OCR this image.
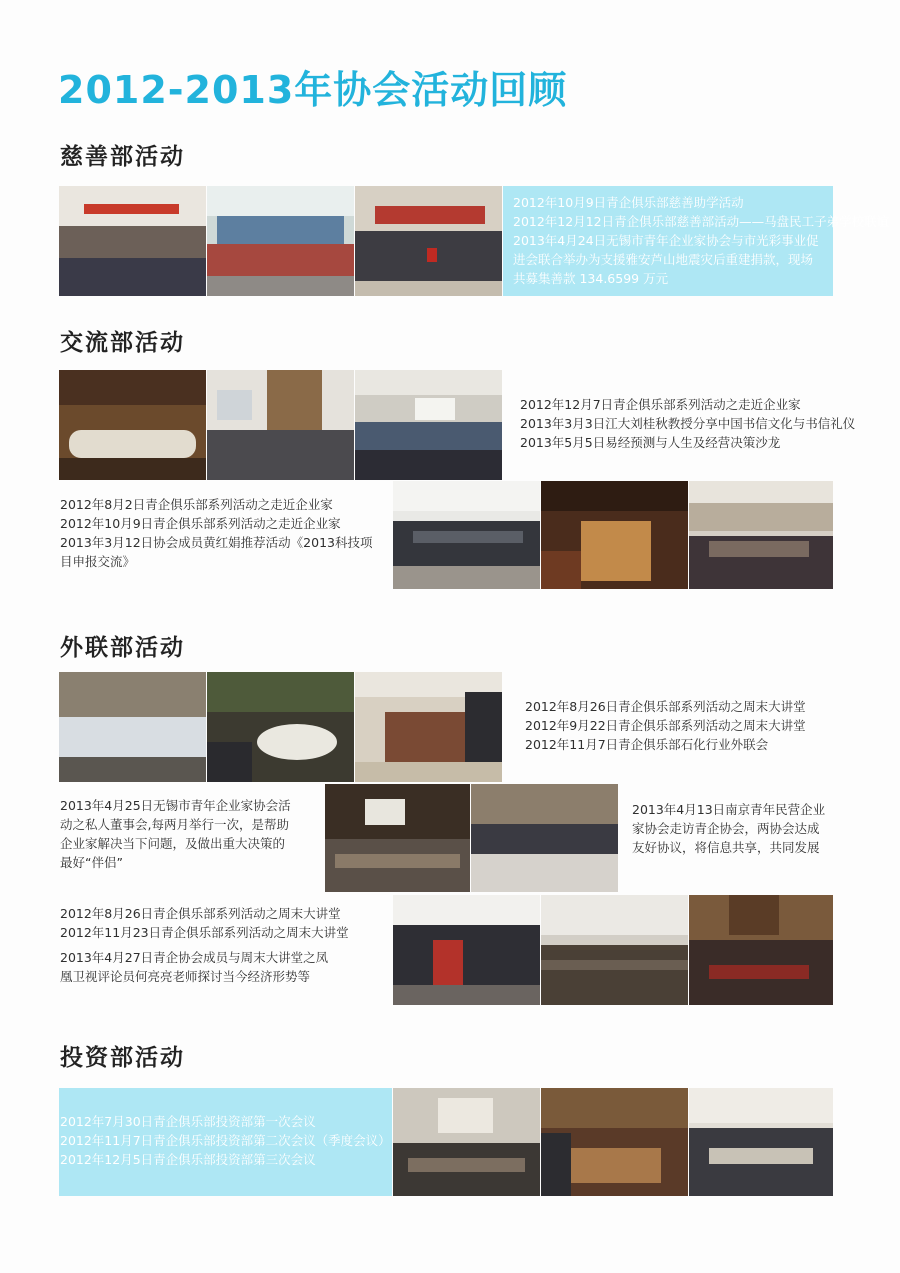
2012-2013年协会活动回顾
慈善部活动
2012年10月9日青企俱乐部慈善助学活动
2012年12月12日青企俱乐部慈善部活动——马盘民工子弟学校联谊
2013年4月24日无锡市青年企业家协会与市光彩事业促
进会联合举办为支援雅安芦山地震灾后重建捐款，现场
共募集善款 134.6599 万元
交流部活动
2012年12月7日青企俱乐部系列活动之走近企业家
2013年3月3日江大刘桂秋教授分享中国书信文化与书信礼仪
2013年5月5日易经预测与人生及经营决策沙龙
2012年8月2日青企俱乐部系列活动之走近企业家
2012年10月9日青企俱乐部系列活动之走近企业家
2013年3月12日协会成员黄红娟推荐活动《2013科技项
目申报交流》
外联部活动
2012年8月26日青企俱乐部系列活动之周末大讲堂
2012年9月22日青企俱乐部系列活动之周末大讲堂
2012年11月7日青企俱乐部石化行业外联会
2013年4月25日无锡市青年企业家协会活
动之私人董事会,每两月举行一次，是帮助
企业家解决当下问题，及做出重大决策的
最好“伴侣”
2013年4月13日南京青年民营企业
家协会走访青企协会，两协会达成
友好协议，将信息共享，共同发展
2012年8月26日青企俱乐部系列活动之周末大讲堂
2012年11月23日青企俱乐部系列活动之周末大讲堂
2013年4月27日青企协会成员与周末大讲堂之凤
凰卫视评论员何亮亮老师探讨当今经济形势等
投资部活动
2012年7月30日青企俱乐部投资部第一次会议
2012年11月7日青企俱乐部投资部第二次会议（季度会议）
2012年12月5日青企俱乐部投资部第三次会议
